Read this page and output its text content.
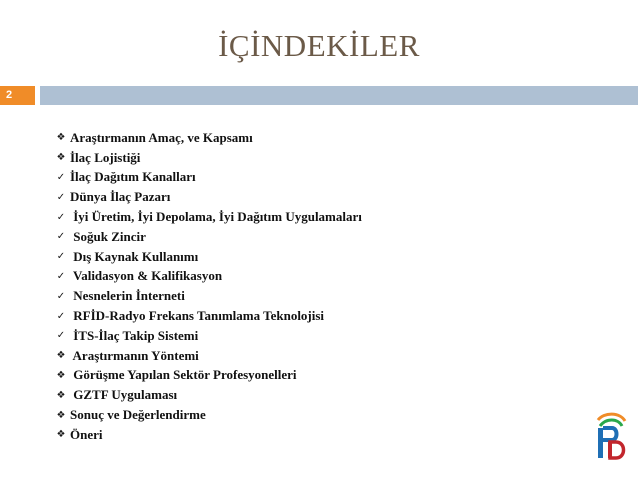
İÇİNDEKİLER
2
❖ Araştırmanın Amaç, ve Kapsamı
❖ İlaç Lojistiği
✓ İlaç Dağıtım Kanalları
✓ Dünya İlaç Pazarı
✓ İyi Üretim, İyi Depolama, İyi Dağıtım Uygulamaları
✓ Soğuk Zincir
✓ Dış Kaynak Kullanımı
✓ Validasyon & Kalifikasyon
✓ Nesnelerin İnterneti
✓ RFİD-Radyo Frekans Tanımlama Teknolojisi
✓ İTS-İlaç Takip Sistemi
❖ Araştırmanın Yöntemi
❖ Görüşme Yapılan Sektör Profesyonelleri
❖ GZTF Uygulaması
❖ Sonuç ve Değerlendirme
❖ Öneri
